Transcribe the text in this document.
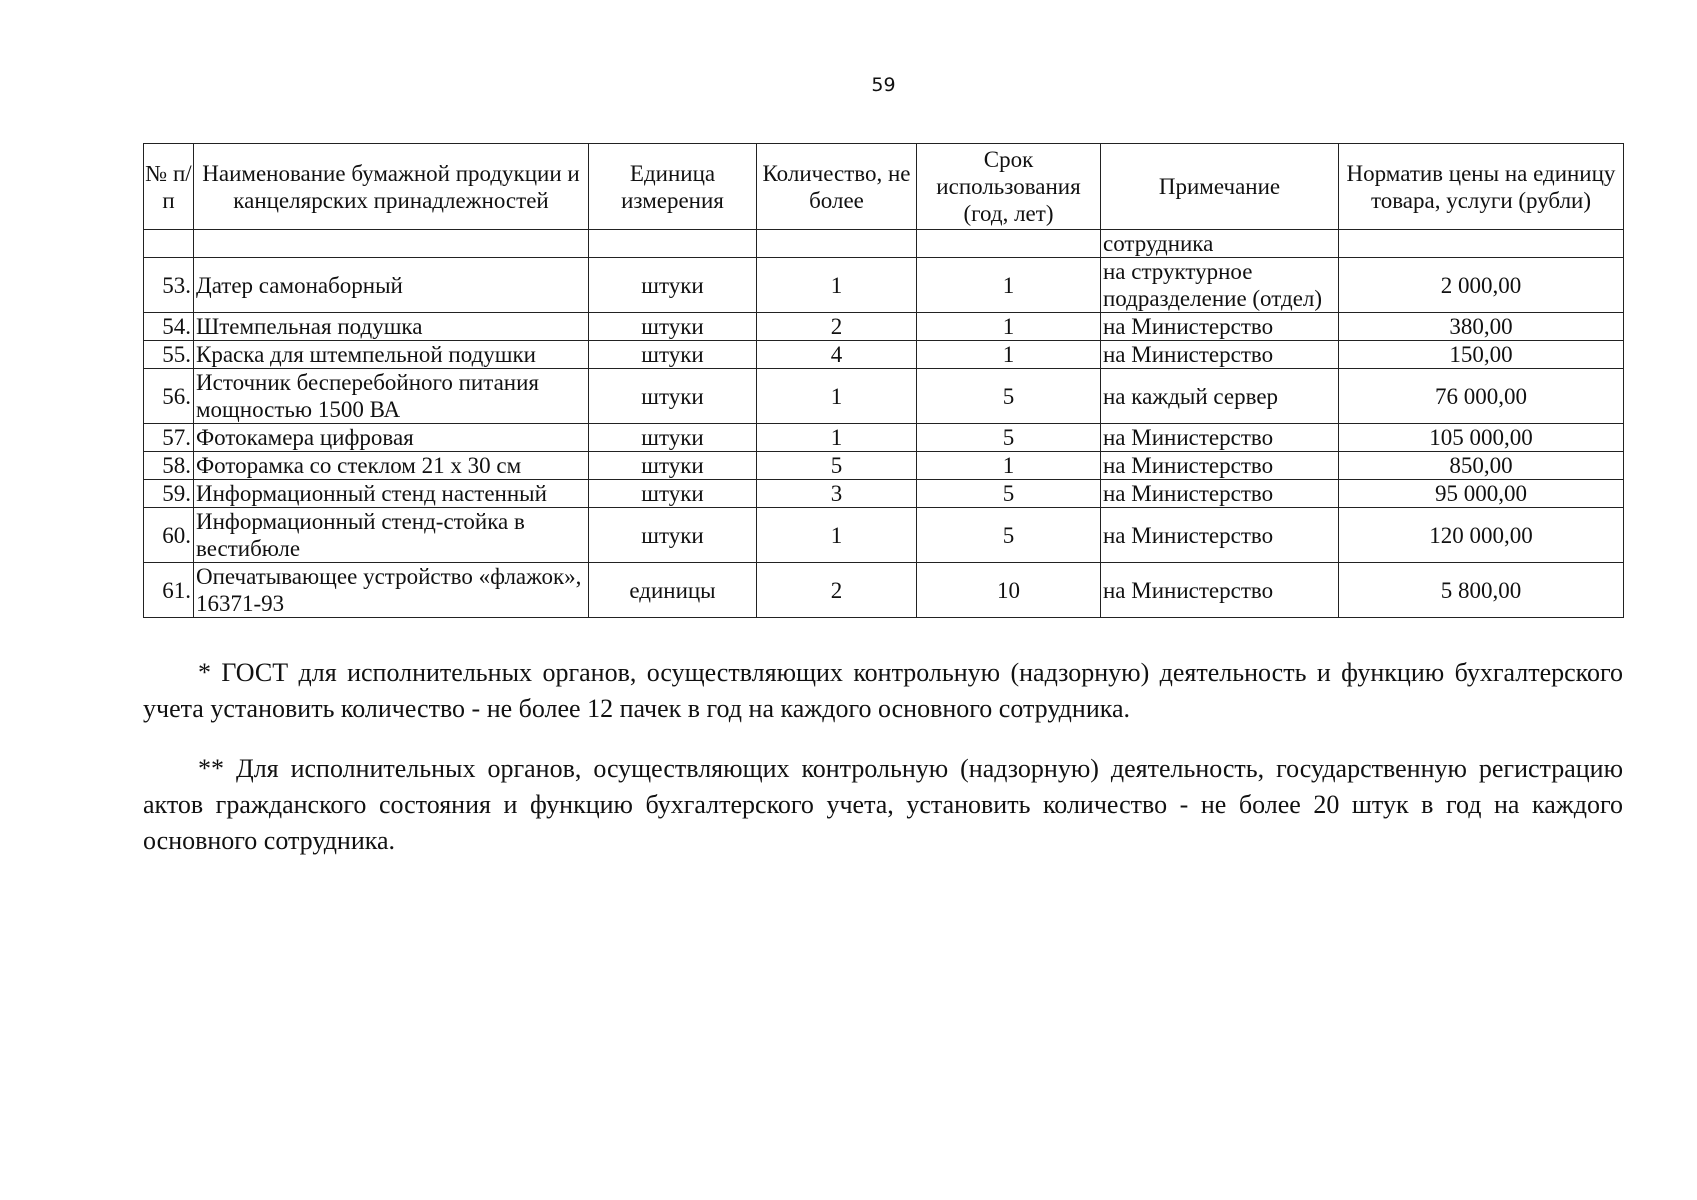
59
№ п/п	Наименование бумажной продукции и канцелярских принадлежностей	Единица измерения	Количество, не более	Срок использования (год, лет)	Примечание	Норматив цены на единицу товара, услуги (рубли)
					сотрудника	
53.	Датер самонаборный	штуки	1	1	на структурное подразделение (отдел)	2 000,00
54.	Штемпельная подушка	штуки	2	1	на Министерство	380,00
55.	Краска для штемпельной подушки	штуки	4	1	на Министерство	150,00
56.	Источник бесперебойного питания мощностью 1500 ВА	штуки	1	5	на каждый сервер	76 000,00
57.	Фотокамера цифровая	штуки	1	5	на Министерство	105 000,00
58.	Фоторамка со стеклом 21 х 30 см	штуки	5	1	на Министерство	850,00
59.	Информационный стенд настенный	штуки	3	5	на Министерство	95 000,00
60.	Информационный стенд-стойка в вестибюле	штуки	1	5	на Министерство	120 000,00
61.	Опечатывающее устройство «флажок», 16371-93	единицы	2	10	на Министерство	5 800,00

* ГОСТ для исполнительных органов, осуществляющих контрольную (надзорную) деятельность и функцию бухгалтерского учета установить количество - не более 12 пачек в год на каждого основного сотрудника.

** Для исполнительных органов, осуществляющих контрольную (надзорную) деятельность, государственную регистрацию актов гражданского состояния и функцию бухгалтерского учета, установить количество - не более 20 штук в год на каждого основного сотрудника.
